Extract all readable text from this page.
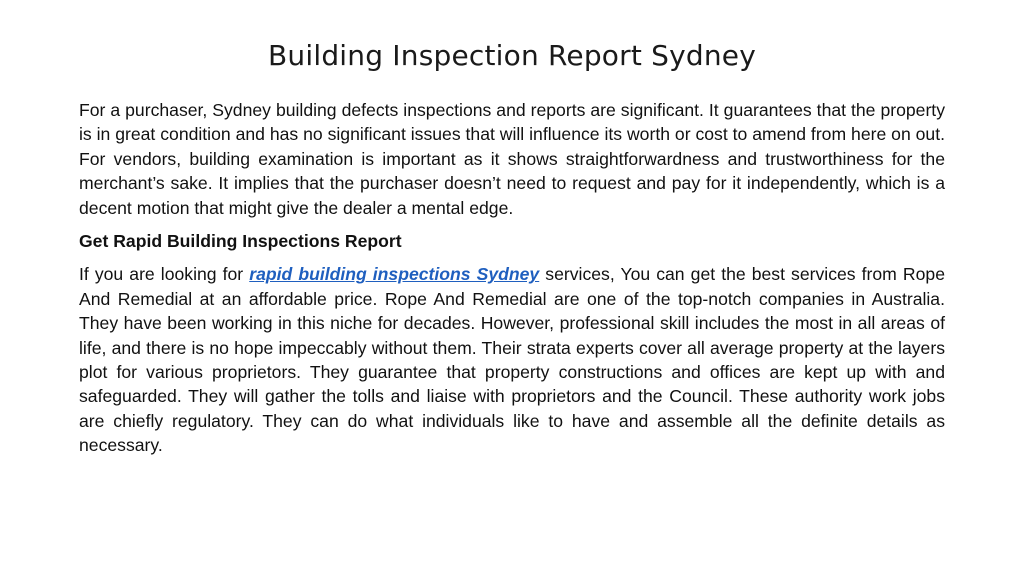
Building Inspection Report Sydney

For a purchaser, Sydney building defects inspections and reports are significant. It guarantees that the property is in great condition and has no significant issues that will influence its worth or cost to amend from here on out. For vendors, building examination is important as it shows straightforwardness and trustworthiness for the merchant’s sake. It implies that the purchaser doesn’t need to request and pay for it independently, which is a decent motion that might give the dealer a mental edge.

Get Rapid Building Inspections Report

If you are looking for rapid building inspections Sydney services, You can get the best services from Rope And Remedial at an affordable price. Rope And Remedial are one of the top-notch companies in Australia. They have been working in this niche for decades. However, professional skill includes the most in all areas of life, and there is no hope impeccably without them. Their strata experts cover all average property at the layers plot for various proprietors. They guarantee that property constructions and offices are kept up with and safeguarded. They will gather the tolls and liaise with proprietors and the Council. These authority work jobs are chiefly regulatory. They can do what individuals like to have and assemble all the definite details as necessary.
